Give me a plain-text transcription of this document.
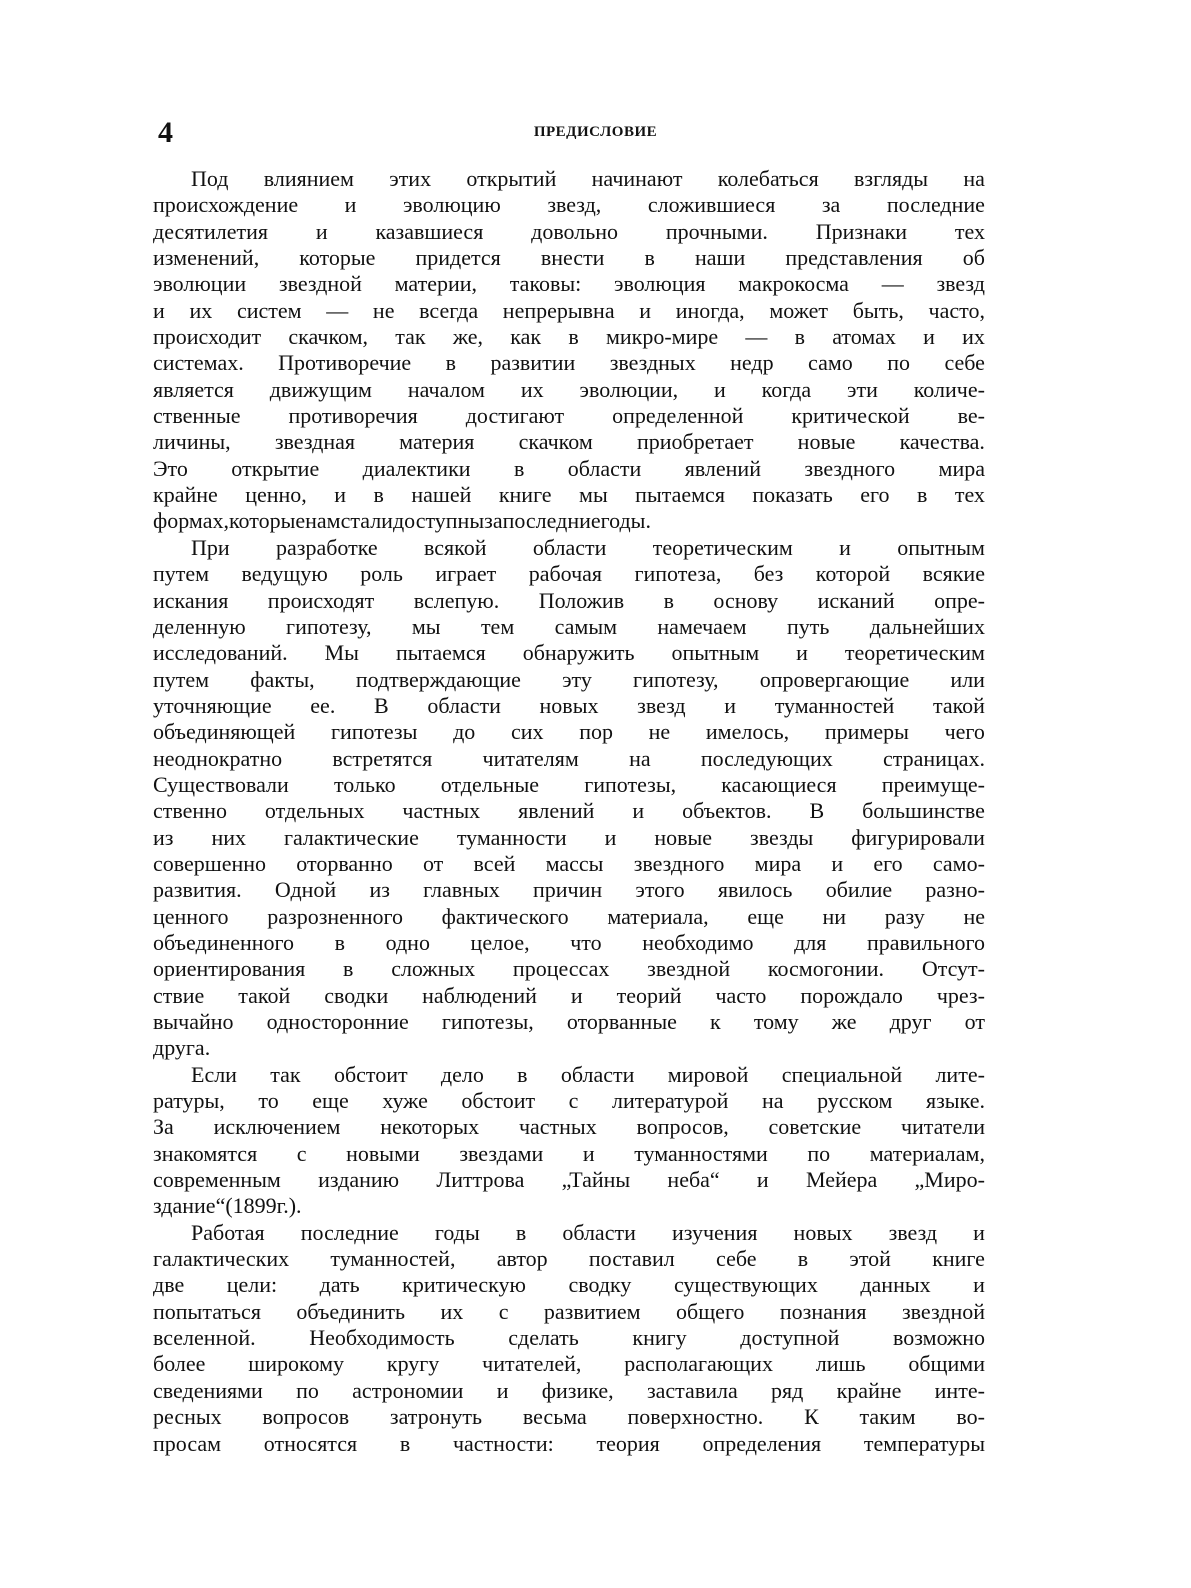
4	ПРЕДИСЛОВИЕ
Под влиянием этих открытий начинают колебаться взгляды на
происхождение и эволюцию звезд, сложившиеся за последние
десятилетия и казавшиеся довольно прочными. Признаки тех
изменений, которые придется внести в наши представления об
эволюции звездной материи, таковы: эволюция макрокосма — звезд
и их систем — не всегда непрерывна и иногда, может быть, часто,
происходит скачком, так же, как в микро-мире — в атомах и их
системах. Противоречие в развитии звездных недр само по себе
является движущим началом их эволюции, и когда эти количе-
ственные противоречия достигают определенной критической ве-
личины, звездная материя скачком приобретает новые качества.
Это открытие диалектики в области явлений звездного мира
крайне ценно, и в нашей книге мы пытаемся показать его в тех
формах, которые нам стали доступны за последние годы.
При разработке всякой области теоретическим и опытным
путем ведущую роль играет рабочая гипотеза, без которой всякие
искания происходят вслепую. Положив в основу исканий опре-
деленную гипотезу, мы тем самым намечаем путь дальнейших
исследований. Мы пытаемся обнаружить опытным и теоретическим
путем факты, подтверждающие эту гипотезу, опровергающие или
уточняющие ее. В области новых звезд и туманностей такой
объединяющей гипотезы до сих пор не имелось, примеры чего
неоднократно встретятся читателям на последующих страницах.
Существовали только отдельные гипотезы, касающиеся преимуще-
ственно отдельных частных явлений и объектов. В большинстве
из них галактические туманности и новые звезды фигурировали
совершенно оторванно от всей массы звездного мира и его само-
развития. Одной из главных причин этого явилось обилие разно-
ценного разрозненного фактического материала, еще ни разу не
объединенного в одно целое, что необходимо для правильного
ориентирования в сложных процессах звездной космогонии. Отсут-
ствие такой сводки наблюдений и теорий часто порождало чрез-
вычайно односторонние гипотезы, оторванные к тому же друг от
друга.
Если так обстоит дело в области мировой специальной лите-
ратуры, то еще хуже обстоит с литературой на русском языке.
За исключением некоторых частных вопросов, советские читатели
знакомятся с новыми звездами и туманностями по материалам,
современным изданию Литтрова „Тайны неба“ и Мейера „Миро-
здание“ (1899 г.).
Работая последние годы в области изучения новых звезд и
галактических туманностей, автор поставил себе в этой книге
две цели: дать критическую сводку существующих данных и
попытаться объединить их с развитием общего познания звездной
вселенной. Необходимость сделать книгу доступной возможно
более широкому кругу читателей, располагающих лишь общими
сведениями по астрономии и физике, заставила ряд крайне инте-
ресных вопросов затронуть весьма поверхностно. К таким во-
просам относятся в частности: теория определения температуры
